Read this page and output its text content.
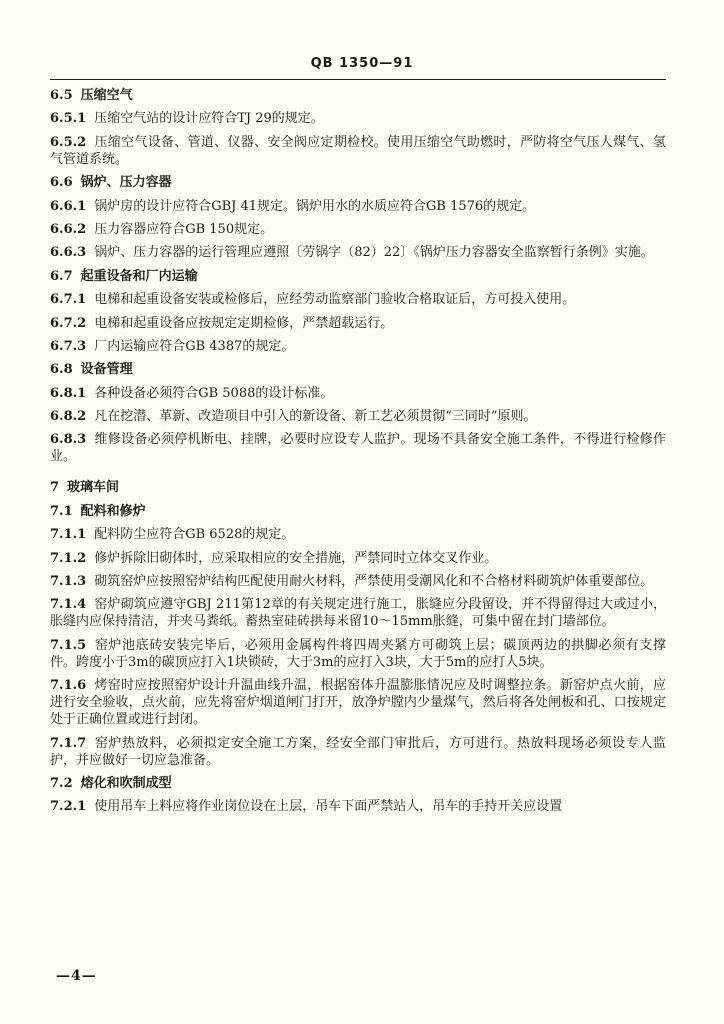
QB 1350—91
6.5 压缩空气
6.5.1 压缩空气站的设计应符合TJ 29的规定。
6.5.2 压缩空气设备、管道、仪器、安全阀应定期检校。使用压缩空气助燃时，严防将空气压人煤气、氢气管道系统。
6.6 锅炉、压力容器
6.6.1 锅炉房的设计应符合GBJ 41规定。锅炉用水的水质应符合GB 1576的规定。
6.6.2 压力容器应符合GB 150规定。
6.6.3 锅炉、压力容器的运行管理应遵照〔劳锅字（82）22〕《锅炉压力容器安全监察暂行条例》实施。
6.7 起重设备和厂内运输
6.7.1 电梯和起重设备安装或检修后，应经劳动监察部门验收合格取证后，方可投入使用。
6.7.2 电梯和起重设备应按规定定期检修，严禁超载运行。
6.7.3 厂内运输应符合GB 4387的规定。
6.8 设备管理
6.8.1 各种设备必须符合GB 5088的设计标准。
6.8.2 凡在挖潜、革新、改造项目中引入的新设备、新工艺必须贯彻“三同时”原则。
6.8.3 维修设备必须停机断电、挂牌，必要时应设专人监护。现场不具备安全施工条件，不得进行检修作业。
7 玻璃车间
7.1 配料和修炉
7.1.1 配料防尘应符合GB 6528的规定。
7.1.2 修炉拆除旧砌体时，应采取相应的安全措施，严禁同时立体交叉作业。
7.1.3 砌筑窑炉应按照窑炉结构匹配使用耐火材料，严禁使用受潮风化和不合格材料砌筑炉体重要部位。
7.1.4 窑炉砌筑应遵守GBJ 211第12章的有关规定进行施工，胀缝应分段留设，并不得留得过大或过小，胀缝内应保持清洁，并夹马粪纸。蓄热室硅砖拱每米留10～15mm胀缝，可集中留在封门墙部位。
7.1.5 窑炉池底砖安装完毕后，必须用金属构件将四周夹紧方可砌筑上层；碳顶两边的拱脚必须有支撑件。跨度小于3m的碳顶应打入1块锁砖，大于3m的应打入3块，大于5m的应打人5块。
7.1.6 烤窑时应按照窑炉设计升温曲线升温，根据窑体升温膨胀情况应及时调整拉条。新窑炉点火前，应进行安全验收，点火前，应先将窑炉烟道闸门打开，放净炉膛内少量煤气，然后将各处闸板和孔、口按规定处于正确位置或进行封闭。
7.1.7 窑炉热放料，必须拟定安全施工方案，经安全部门审批后，方可进行。热放料现场必须设专人监护，并应做好一切应急准备。
7.2 熔化和吹制成型
7.2.1 使用吊车上料应将作业岗位设在上层，吊车下面严禁站人，吊车的手持开关应设置
—4—
